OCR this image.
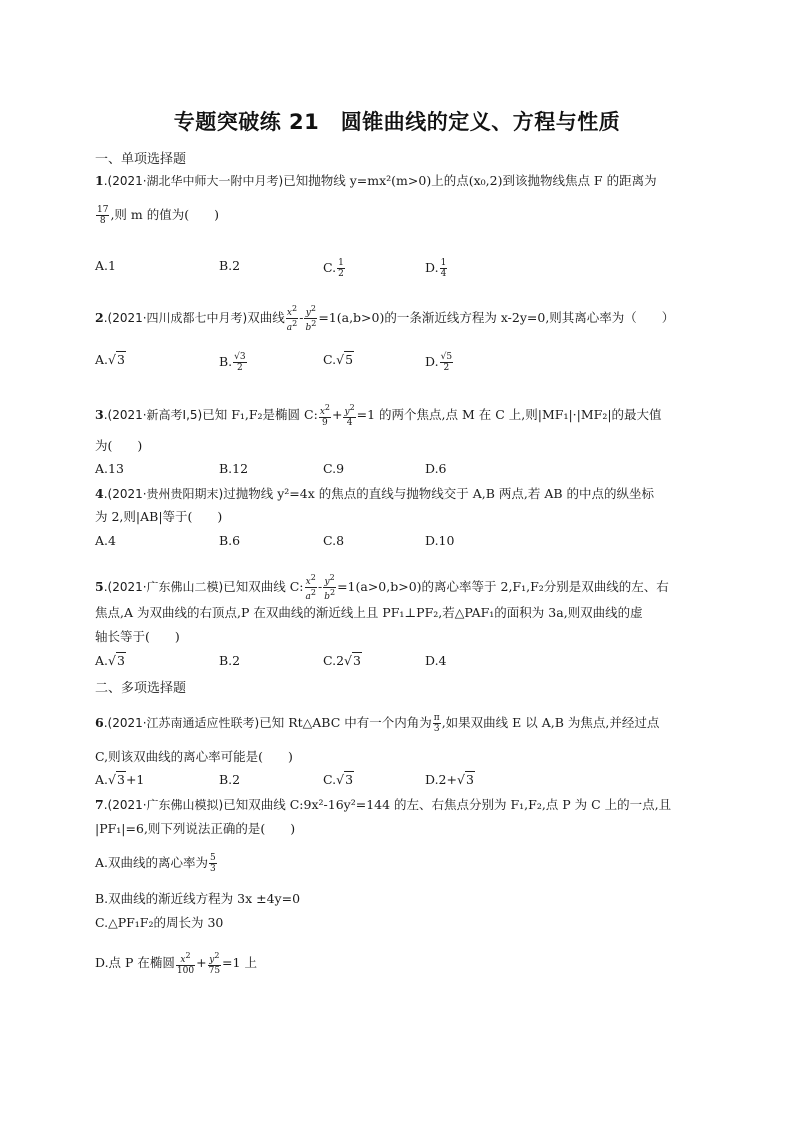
专题突破练 21　圆锥曲线的定义、方程与性质
一、单项选择题
1.(2021·湖北华中师大一附中月考)已知抛物线 y=mx²(m>0)上的点(x₀,2)到该抛物线焦点 F 的距离为
$\frac{17}{8}$ ,则 m 的值为(　　)
A.1	B.2	C. $\frac{1}{2}$	D. $\frac{1}{4}$
2.(2021·四川成都七中月考)双曲线 $\frac{x^2}{a^2} - \frac{y^2}{b^2} =1(a,b>0)$的一条渐近线方程为 x-2y=0,则其离心率为（　　）
A.√3	B. $\frac{√3}{2}$	C.√5	D. $\frac{√5}{2}$
3.(2021·新高考Ⅰ,5)已知 F₁,F₂是椭圆 C: $\frac{x^2}{9} + \frac{y^2}{4} =1$ 的两个焦点,点 M 在 C 上,则|MF₁|·|MF₂|的最大值
为(　　)
A.13	B.12	C.9	D.6
4.(2021·贵州贵阳期末)过抛物线 y²=4x 的焦点的直线与抛物线交于 A,B 两点,若 AB 的中点的纵坐标
为 2,则|AB|等于(　　)
A.4	B.6	C.8	D.10
5.(2021·广东佛山二模)已知双曲线 C: $\frac{x^2}{a^2} - \frac{y^2}{b^2} =1(a>0,b>0)$的离心率等于 2,F₁,F₂分别是双曲线的左、右
焦点,A 为双曲线的右顶点,P 在双曲线的渐近线上且 PF₁⊥PF₂,若△PAF₁的面积为 3a,则双曲线的虚
轴长等于(　　)
A.√3	B.2	C.2√3	D.4
二、多项选择题
6.(2021·江苏南通适应性联考)已知 Rt△ABC 中有一个内角为 $\frac{\pi}{3}$ ,如果双曲线 E 以 A,B 为焦点,并经过点
C,则该双曲线的离心率可能是(　　)
A.√3+1	B.2	C.√3	D.2+√3
7.(2021·广东佛山模拟)已知双曲线 C:9x²-16y²=144 的左、右焦点分别为 F₁,F₂,点 P 为 C 上的一点,且
|PF₁|=6,则下列说法正确的是(　　)
A.双曲线的离心率为 $\frac{5}{3}$
B.双曲线的渐近线方程为 3x ±4y=0
C.△PF₁F₂的周长为 30
D.点 P 在椭圆 $\frac{x^2}{100} + \frac{y^2}{75} =1$ 上
